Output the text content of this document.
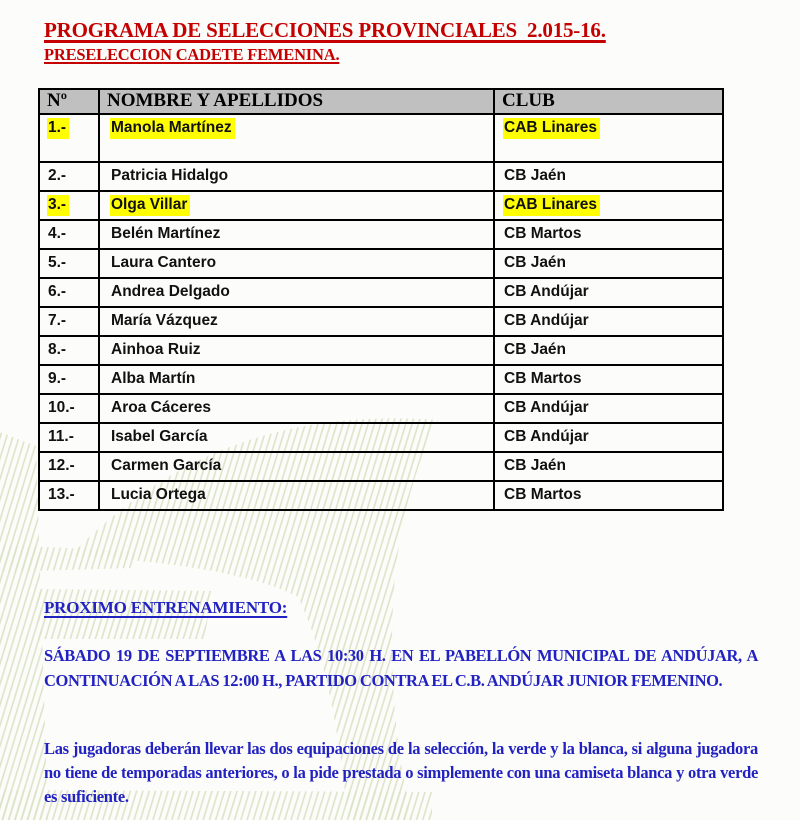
PROGRAMA DE SELECCIONES PROVINCIALES  2.015-16.
PRESELECCION CADETE FEMENINA.
Nº	NOMBRE Y APELLIDOS	CLUB
1.-	Manola Martínez	CAB Linares
2.-	Patricia Hidalgo	CB Jaén
3.-	Olga Villar	CAB Linares
4.-	Belén Martínez	CB Martos
5.-	Laura Cantero	CB Jaén
6.-	Andrea Delgado	CB Andújar
7.-	María Vázquez	CB Andújar
8.-	Ainhoa Ruiz	CB Jaén
9.-	Alba Martín	CB Martos
10.-	Aroa Cáceres	CB Andújar
11.-	Isabel García	CB Andújar
12.-	Carmen García	CB Jaén
13.-	Lucia Ortega	CB Martos
PROXIMO ENTRENAMIENTO:

SÁBADO 19 DE SEPTIEMBRE A LAS 10:30 H. EN EL PABELLÓN MUNICIPAL DE ANDÚJAR, A CONTINUACIÓN A LAS 12:00 H., PARTIDO CONTRA EL C.B. ANDÚJAR JUNIOR FEMENINO.

Las jugadoras deberán llevar las dos equipaciones de la selección, la verde y la blanca, si alguna jugadora no tiene de temporadas anteriores, o la pide prestada o simplemente con una camiseta blanca y otra verde es suficiente.
